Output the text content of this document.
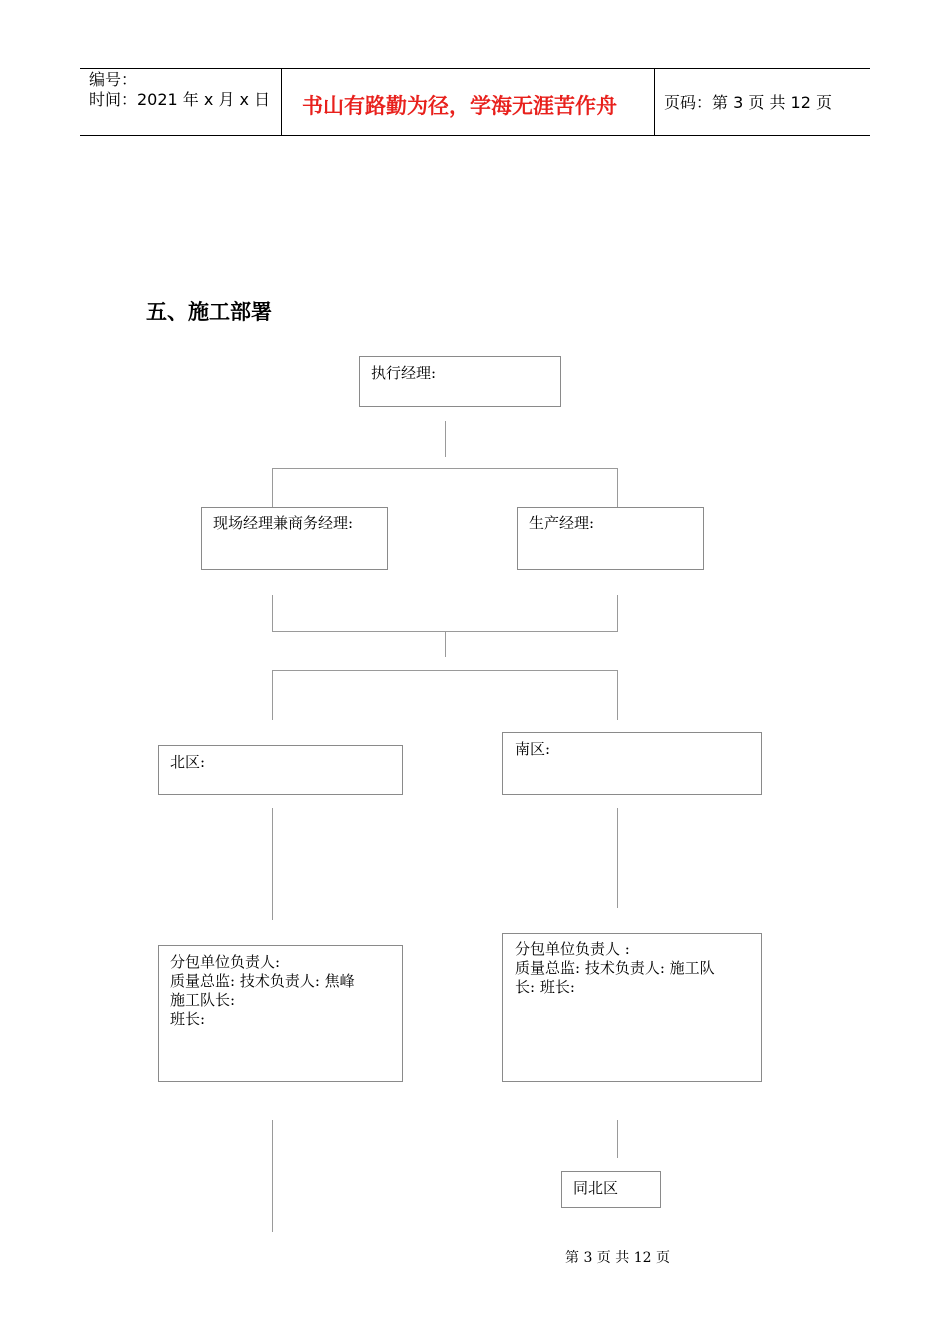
编号：
时间：2021 年 x 月 x 日 书山有路勤为径，学海无涯苦作舟	页码：第 3 页 共 12 页
五、施工部署
执行经理:
现场经理兼商务经理:	生产经理:
北区:
南区:
分包单位负责人:
质量总监: 技术负责人: 焦峰
施工队长:
班长:
分包单位负责人 :
质量总监: 技术负责人: 施工队
长: 班长:
同北区
第 3 页 共 12 页
